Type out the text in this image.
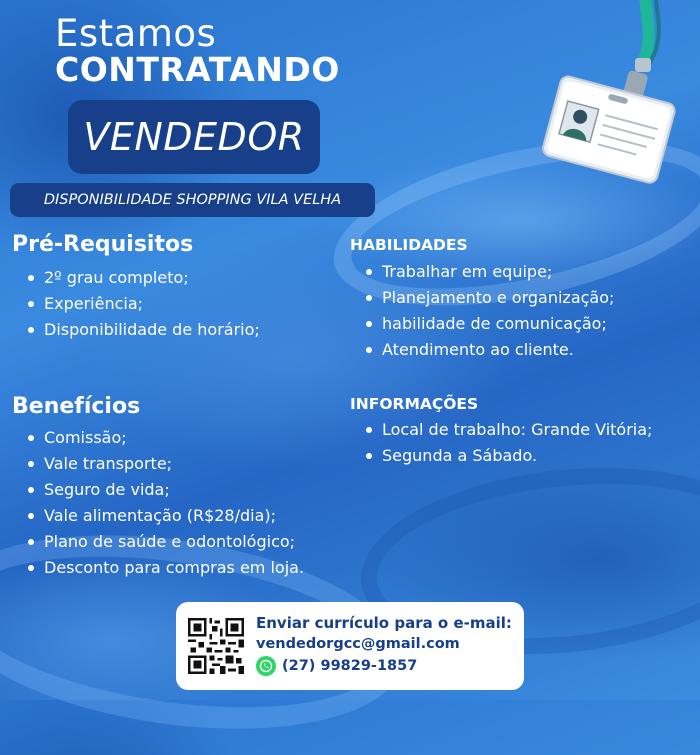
Estamos
CONTRATANDO
VENDEDOR
DISPONIBILIDADE SHOPPING VILA VELHA
Pré-Requisitos
2º grau completo;
Experiência;
Disponibilidade de horário;
HABILIDADES
Trabalhar em equipe;
Planejamento e organização;
habilidade de comunicação;
Atendimento ao cliente.
Benefícios
Comissão;
Vale transporte;
Seguro de vida;
Vale alimentação (R$28/dia);
Plano de saúde e odontológico;
Desconto para compras em loja.
INFORMAÇÕES
Local de trabalho: Grande Vitória;
Segunda a Sábado.
Enviar currículo para o e-mail:
vendedorgcc@gmail.com
(27) 99829-1857
